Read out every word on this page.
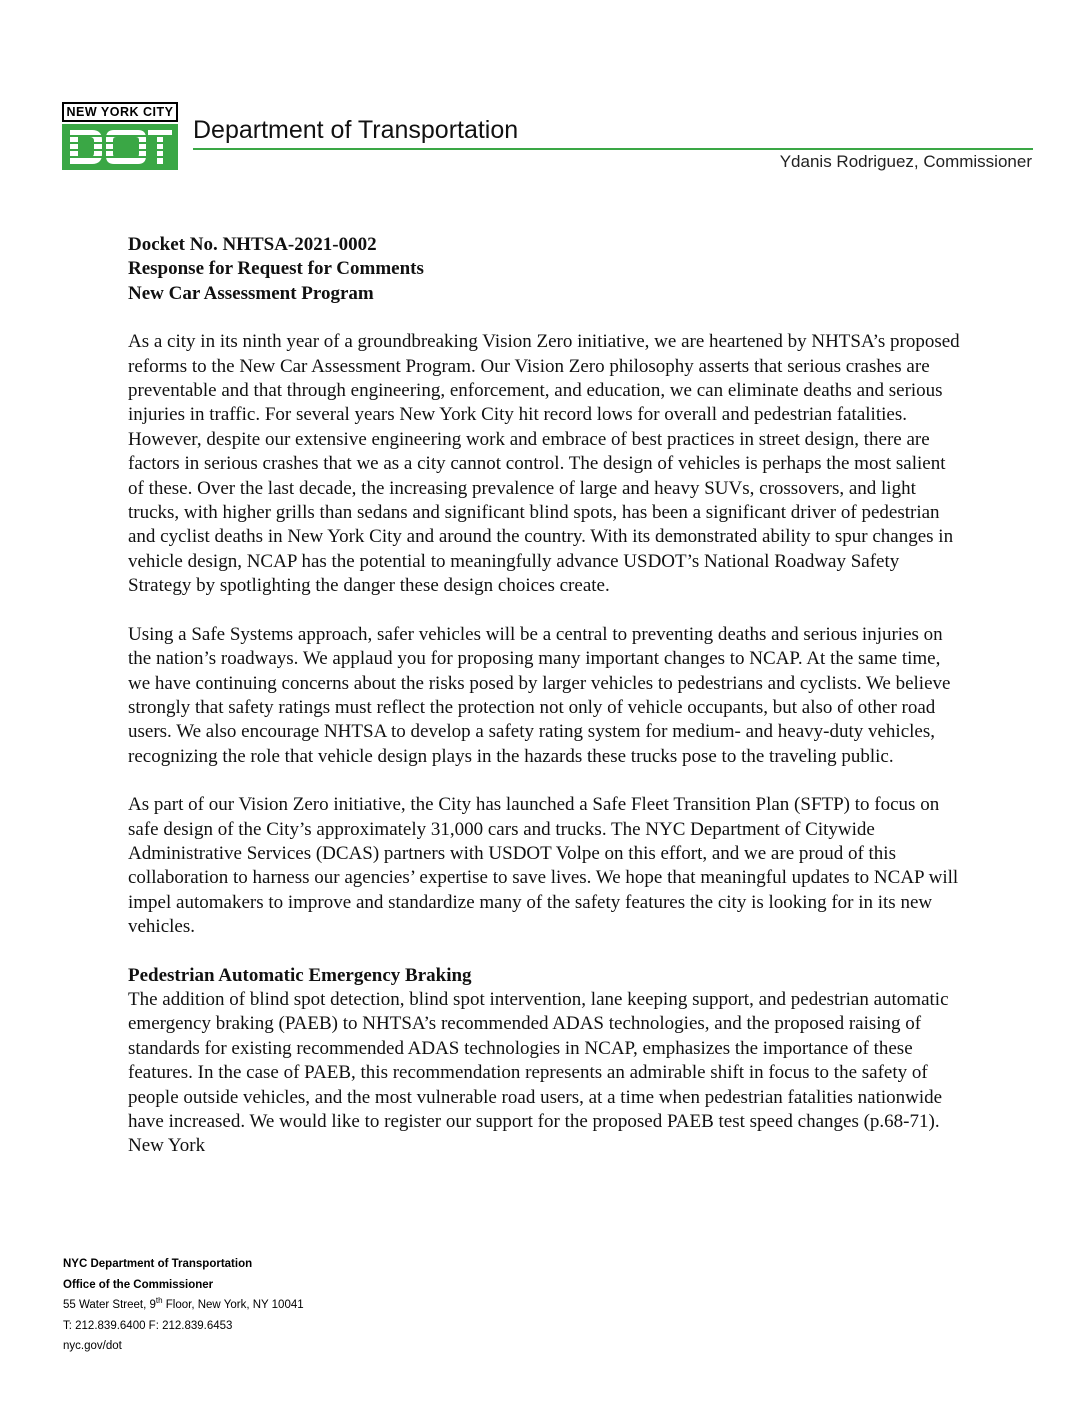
NEW YORK CITY
Department of Transportation
Ydanis Rodriguez, Commissioner
Docket No. NHTSA-2021-0002
Response for Request for Comments
New Car Assessment Program

As a city in its ninth year of a groundbreaking Vision Zero initiative, we are heartened by NHTSA’s proposed reforms to the New Car Assessment Program. Our Vision Zero philosophy asserts that serious crashes are preventable and that through engineering, enforcement, and education, we can eliminate deaths and serious injuries in traffic. For several years New York City hit record lows for overall and pedestrian fatalities. However, despite our extensive engineering work and embrace of best practices in street design, there are factors in serious crashes that we as a city cannot control. The design of vehicles is perhaps the most salient of these. Over the last decade, the increasing prevalence of large and heavy SUVs, crossovers, and light trucks, with higher grills than sedans and significant blind spots, has been a significant driver of pedestrian and cyclist deaths in New York City and around the country. With its demonstrated ability to spur changes in vehicle design, NCAP has the potential to meaningfully advance USDOT’s National Roadway Safety Strategy by spotlighting the danger these design choices create.

Using a Safe Systems approach, safer vehicles will be a central to preventing deaths and serious injuries on the nation’s roadways. We applaud you for proposing many important changes to NCAP. At the same time, we have continuing concerns about the risks posed by larger vehicles to pedestrians and cyclists. We believe strongly that safety ratings must reflect the protection not only of vehicle occupants, but also of other road users. We also encourage NHTSA to develop a safety rating system for medium- and heavy-duty vehicles, recognizing the role that vehicle design plays in the hazards these trucks pose to the traveling public.

As part of our Vision Zero initiative, the City has launched a Safe Fleet Transition Plan (SFTP) to focus on safe design of the City’s approximately 31,000 cars and trucks. The NYC Department of Citywide Administrative Services (DCAS) partners with USDOT Volpe on this effort, and we are proud of this collaboration to harness our agencies’ expertise to save lives. We hope that meaningful updates to NCAP will impel automakers to improve and standardize many of the safety features the city is looking for in its new vehicles.

Pedestrian Automatic Emergency Braking

The addition of blind spot detection, blind spot intervention, lane keeping support, and pedestrian automatic emergency braking (PAEB) to NHTSA’s recommended ADAS technologies, and the proposed raising of standards for existing recommended ADAS technologies in NCAP, emphasizes the importance of these features. In the case of PAEB, this recommendation represents an admirable shift in focus to the safety of people outside vehicles, and the most vulnerable road users, at a time when pedestrian fatalities nationwide have increased. We would like to register our support for the proposed PAEB test speed changes (p.68-71). New York

NYC Department of Transportation
Office of the Commissioner
55 Water Street, 9th Floor, New York, NY 10041
T: 212.839.6400 F: 212.839.6453
nyc.gov/dot
